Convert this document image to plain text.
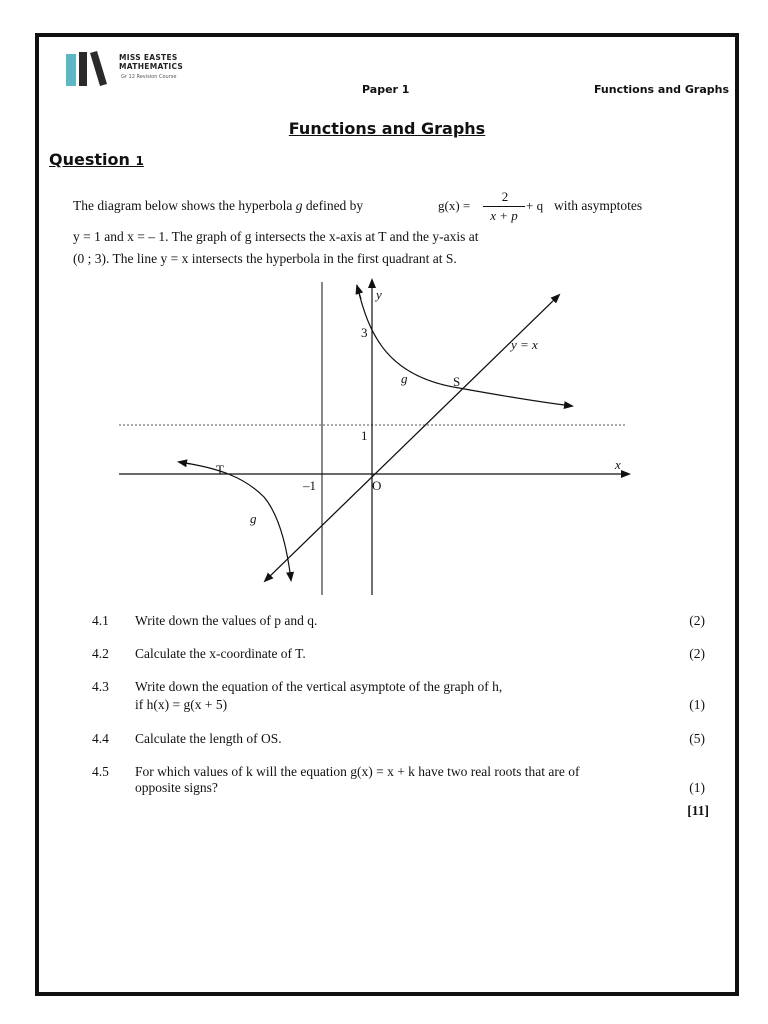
MISS EASTES
MATHEMATICS
Gr 12 Revision Course
Paper 1	Functions and Graphs
Functions and Graphs
Question 1
The diagram below shows the hyperbola g defined by	g(x) =
2
x + p
+ q with asymptotes
y = 1 and x = – 1. The graph of g intersects the x-axis at T and the y-axis at
(0 ; 3). The line y = x intersects the hyperbola in the first quadrant at S.
y
x
O
–1
1
3
y = x
g
g
S
T
4.1 Write down the values of p and q.	(2)
4.2 Calculate the x-coordinate of T.	(2)
4.3 Write down the equation of the vertical asymptote of the graph of h,
if h(x) = g(x + 5)	(1)
4.4 Calculate the length of OS.	(5)
4.5 For which values of k will the equation g(x) = x + k have two real roots that are of
opposite signs?	(1)
[11]
